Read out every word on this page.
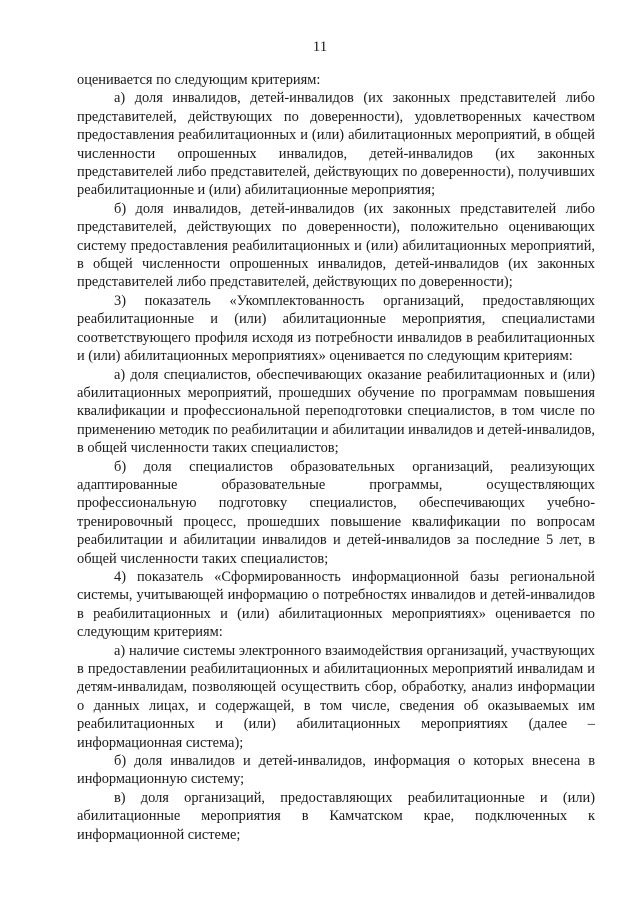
11

оценивается по следующим критериям:

а) доля инвалидов, детей-инвалидов (их законных представителей либо представителей, действующих по доверенности), удовлетворенных качеством предоставления реабилитационных и (или) абилитационных мероприятий, в общей численности опрошенных инвалидов, детей-инвалидов (их законных представителей либо представителей, действующих по доверенности), получивших реабилитационные и (или) абилитационные мероприятия;

б) доля инвалидов, детей-инвалидов (их законных представителей либо представителей, действующих по доверенности), положительно оценивающих систему предоставления реабилитационных и (или) абилитационных мероприятий, в общей численности опрошенных инвалидов, детей-инвалидов (их законных представителей либо представителей, действующих по доверенности);

3) показатель «Укомплектованность организаций, предоставляющих реабилитационные и (или) абилитационные мероприятия, специалистами соответствующего профиля исходя из потребности инвалидов в реабилитационных и (или) абилитационных мероприятиях» оценивается по следующим критериям:

а) доля специалистов, обеспечивающих оказание реабилитационных и (или) абилитационных мероприятий, прошедших обучение по программам повышения квалификации и профессиональной переподготовки специалистов, в том числе по применению методик по реабилитации и абилитации инвалидов и детей-инвалидов, в общей численности таких специалистов;

б) доля специалистов образовательных организаций, реализующих адаптированные образовательные программы, осуществляющих профессиональную подготовку специалистов, обеспечивающих учебно-тренировочный процесс, прошедших повышение квалификации по вопросам реабилитации и абилитации инвалидов и детей-инвалидов за последние 5 лет, в общей численности таких специалистов;

4) показатель «Сформированность информационной базы региональной системы, учитывающей информацию о потребностях инвалидов и детей-инвалидов в реабилитационных и (или) абилитационных мероприятиях» оценивается по следующим критериям:

а) наличие системы электронного взаимодействия организаций, участвующих в предоставлении реабилитационных и абилитационных мероприятий инвалидам и детям-инвалидам, позволяющей осуществить сбор, обработку, анализ информации о данных лицах, и содержащей, в том числе, сведения об оказываемых им реабилитационных и (или) абилитационных мероприятиях (далее – информационная система);

б) доля инвалидов и детей-инвалидов, информация о которых внесена в информационную систему;

в) доля организаций, предоставляющих реабилитационные и (или) абилитационные мероприятия в Камчатском крае, подключенных к информационной системе;
